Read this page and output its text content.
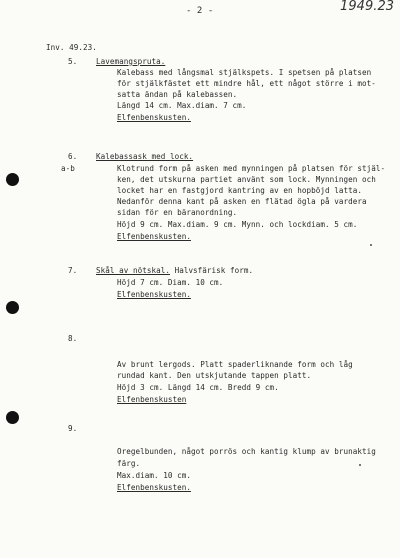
- 2 -	1949.23
Inv. 49.23.
5. Lavemangspruta.
Kalebass med långsmal stjälkspets. I spetsen på platsen
för stjälkfästet ett mindre hål, ett något större i mot-
satta ändan på kalebassen.
Längd 14 cm. Max.diam. 7 cm.
Elfenbenskusten.
6.
a-b
Kalebassask med lock.
Klotrund form på asken med mynningen på platsen för stjäl-
ken, det utskurna partiet använt som lock. Mynningen och
locket har en fastgjord kantring av en hopböjd latta.
Nedanför denna kant på asken en flätad ögla på vardera
sidan för en bäranordning.
Höjd 9 cm. Max.diam. 9 cm. Mynn. och lockdiam. 5 cm.
Elfenbenskusten.
7. Skål av nötskal. Halvsfärisk form.
Höjd 7 cm. Diam. 10 cm.
Elfenbenskusten.
8.
Av brunt lergods. Platt spaderliknande form och låg
rundad kant. Den utskjutande tappen platt.
Höjd 3 cm. Längd 14 cm. Bredd 9 cm.
Elfenbenskusten
9.
Oregelbunden, något porrös och kantig klump av brunaktig
färg.
Max.diam. 10 cm.
Elfenbenskusten.
